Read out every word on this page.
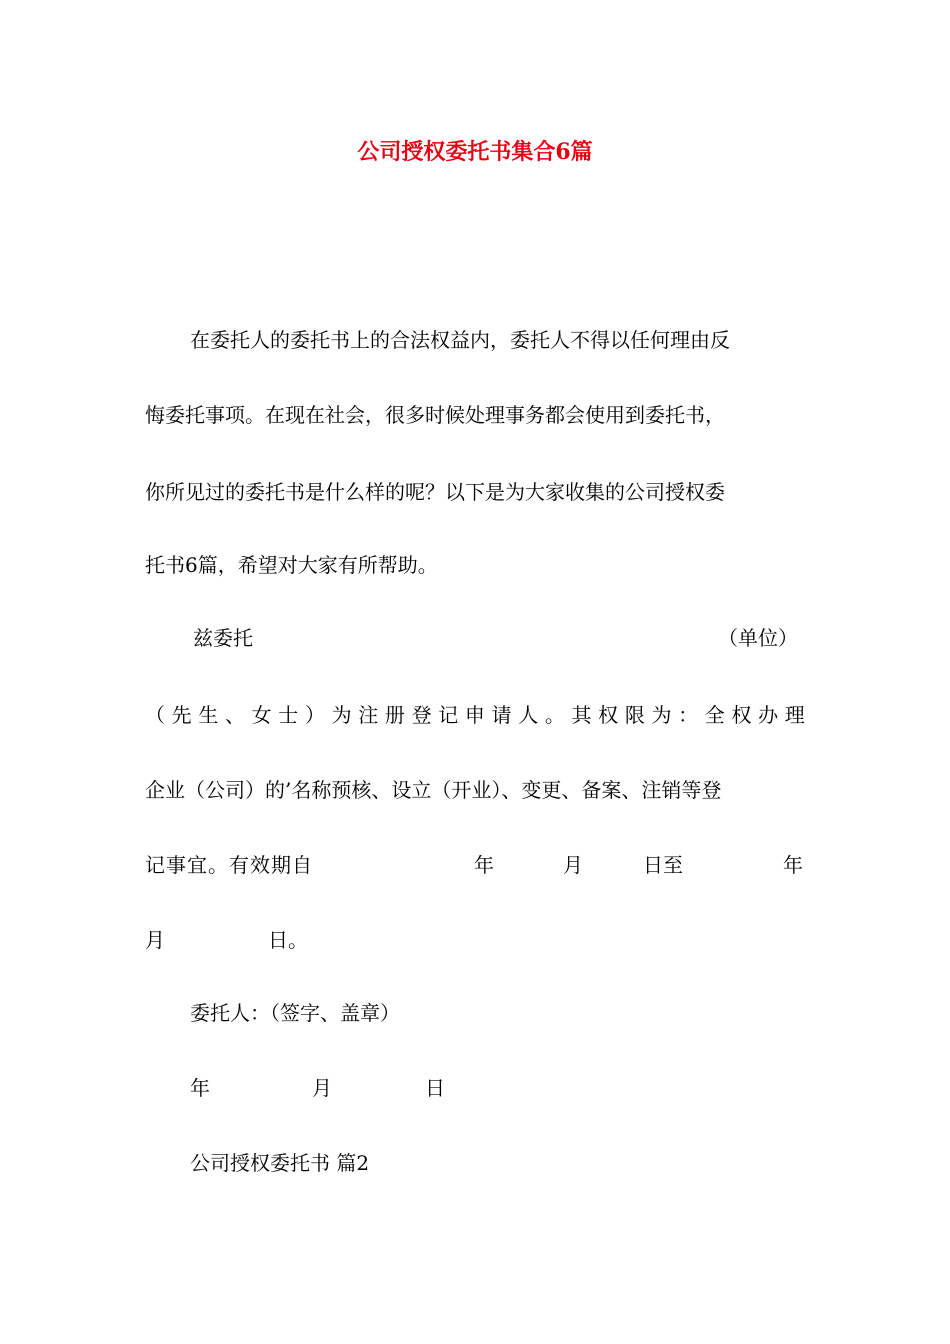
公司授权委托书集合6篇
在委托人的委托书上的合法权益内，委托人不得以任何理由反
悔委托事项。在现在社会，很多时候处理事务都会使用到委托书，
你所见过的委托书是什么样的呢？以下是为大家收集的公司授权委
托书6篇，希望对大家有所帮助。
兹委托	（单位）
（ 先 生 、 女 士 ） 为 注 册 登 记 申 请 人 。 其 权 限 为 ： 全 权 办 理
企业（公司）的’名称预核、设立（开业）、变更、备案、注销等登
记事宜。有效期自	年	月	日至	年
月	日。
委托人：（签字、盖章）
年	月	日
公司授权委托书 篇2
